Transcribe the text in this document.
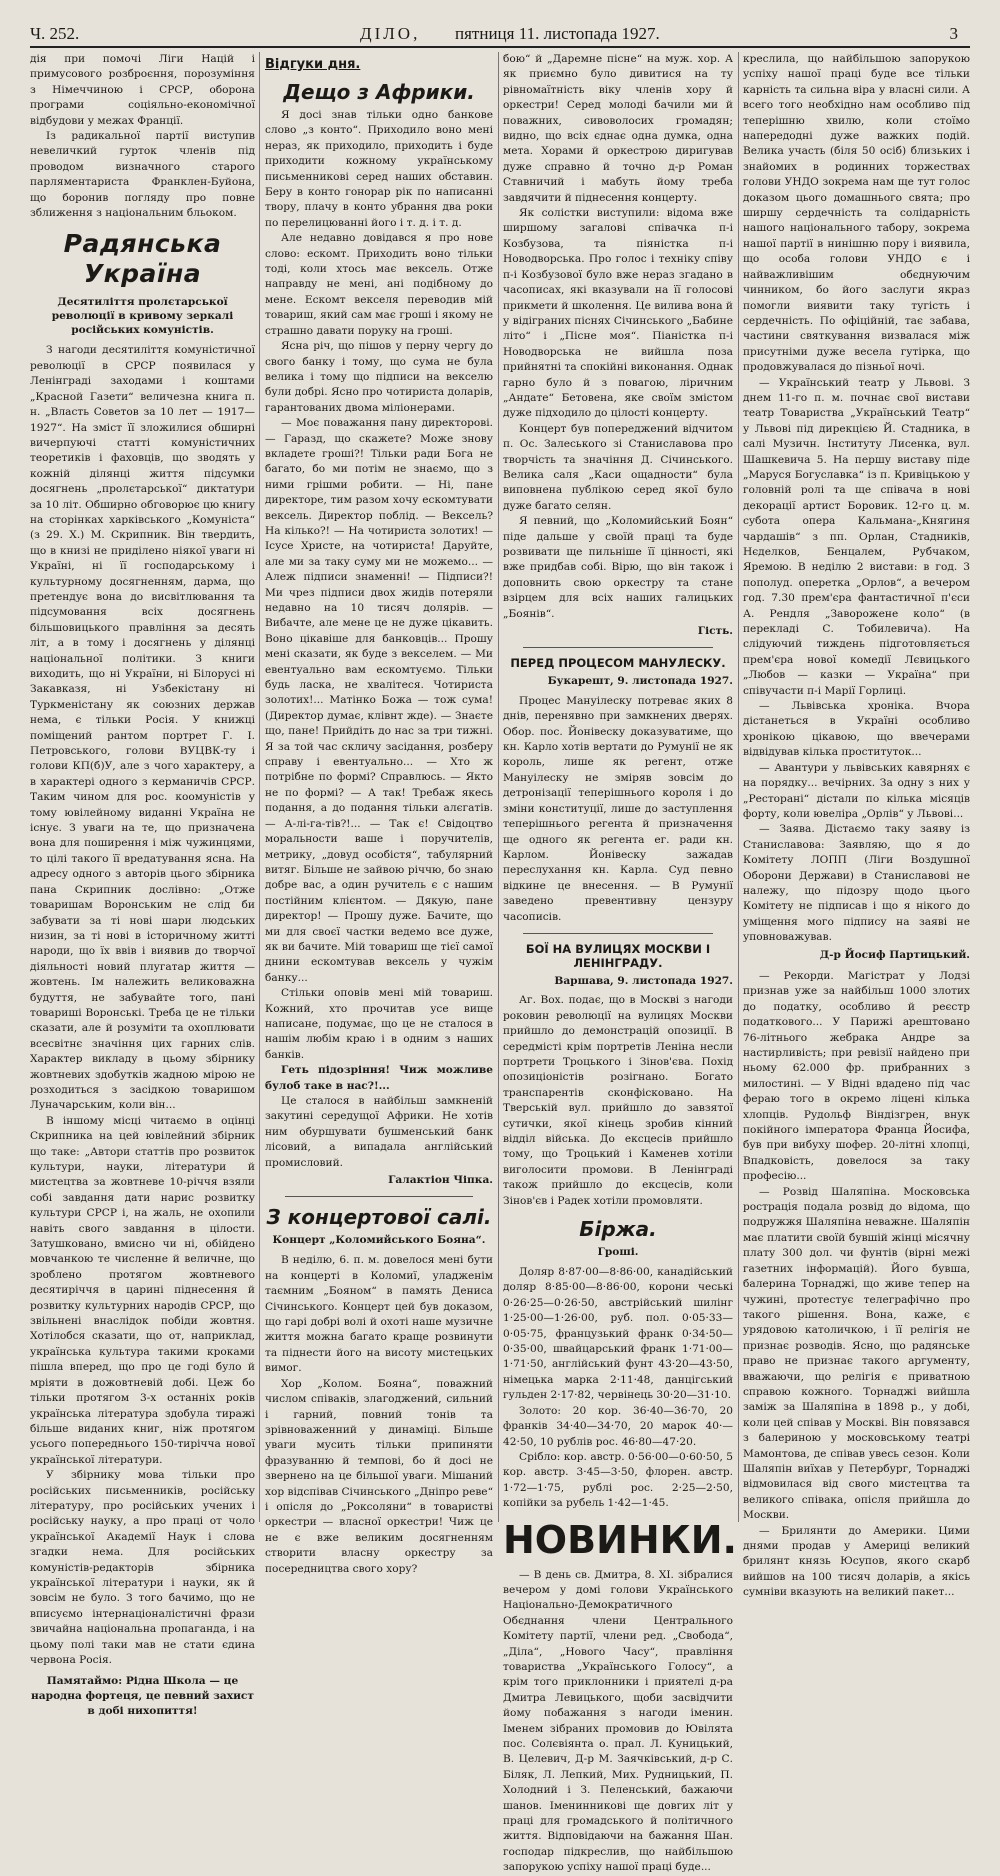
Ч. 252.	ДІЛО, пятниця 11. листопада 1927.	3

дія при помочі Ліги Націй і примусового розброєння, порозуміння з Німеччиною і СРСР, оборона програми соціяльно-економічної відбудови у межах Франції.

Із радикальної партії виступив невеличкий гурток членів під проводом визначного старого парляментариста Франклен-Буйона, що боронив погляду про повне зближення з національним бльоком.

Радянська Україна
Десятиліття пролєтарської революції в кривому зеркалі російських комуністів.

З нагоди десятиліття комуністичної революції в СРСР появилася у Ленінграді заходами і коштами „Красной Газети“ величезна книга п. н. „Власть Советов за 10 лет — 1917—1927“. На зміст її зложилися обширні вичерпуючі статті комуністичних теоретиків і фаховців, що зводять у кожній ділянці життя підсумки досягнень „пролєтарської“ диктатури за 10 літ. Обширно обговорює цю книгу на сторінках харківського „Комуніста“ (з 29. Х.) М. Скрипник. Він твердить, що в книзі не приділено ніякої уваги ні Україні, ні її господарському і культурному досягненням, дарма, що претендує вона до висвітлювання та підсумовання всіх досягнень більшовицького правління за десять літ, а в тому і досягнень у ділянці національної політики. З книги виходить, що ні України, ні Білорусі ні Закавказя, ні Узбекістану ні Туркменістану як союзних держав нема, є тільки Росія. У книжці поміщений рантом портрет Г. І. Петровського, голови ВУЦВК-ту і голови КП(б)У, але з чого характеру, а в характері одного з керманичів СРСР. Таким чином для рос. коомуністів у тому ювілейному виданні Україна не існує. З уваги на те, що призначена вона для поширення і між чужинцями, то цілі такого її вредатування ясна. На адресу одного з авторів цього збірника пана Скрипник дослівно: „Отже товаришам Воронським не слід би забувати за ті нові шари людських низин, за ті нові в історичному житті народи, що їх ввів і виявив до творчої діяльності новий плугатар життя — жовтень. Ім належить великоважна будуття, не забувайте того, пані товариші Воронські. Треба це не тільки сказати, але й розуміти та охоплювати всесвітнє значіння цих гарних слів. Характер викладу в цьому збірнику жовтневих здобутків жадною мірою не розходиться з засідкою товаришом Луначарським, коли він...

В іншому місці читаємо в оцінці Скрипника на цей ювілейний збірник що таке: „Автори статтів про розвиток культури, науки, літератури й мистецтва за жовтневе 10-річчя взяли собі завдання дати нарис розвитку культури СРСР і, на жаль, не охопили навіть свого завдання в цілости. Затушковано, вмисно чи ні, обійдено мовчанкою те численне й величне, що зроблено протягом жовтневого десятиріччя в царині піднесення й розвитку культурних народів СРСР, що звільнені внаслідок побіди жовтня. Хотілобся сказати, що от, наприклад, українська культура такими кроками пішла вперед, що про це годі було й мріяти в дожовтневій добі. Цеж бо тільки протягом 3-х останніх років українська література здобула тиражі більше виданих книг, ніж протягом усього попереднього 150-тирічча нової української літератури.

У збірнику мова тільки про російських письменників, російську літературу, про російських учених і російську науку, а про праці от чоло української Академії Наук і слова згадки нема. Для російських комуністів-редакторів збірника української літератури і науки, як й зовсім не було. З того бачимо, що не вписуємо інтернаціоналістичні фрази звичайна національна пропаганда, і на цьому полі таки мав не стати єдина червона Росія.

Памятаймо: Рідна Школа — це народна фортеця, це певний захист в добі нихопиття!
Відгуки дня.
Дещо з Африки.

Я досі знав тільки одно банкове слово „з конто“. Приходило воно мені нераз, як приходило, приходить і буде приходити кожному українському письменникові серед наших обставин. Беру в конто гонорар рік по написанні твору, плачу в конто убрання два роки по перелицюванні його і т. д. і т. д.

Але недавно довідався я про нове слово: ескомт. Приходить воно тільки тоді, коли хтось має вексель. Отже направду не мені, ані подібному до мене. Ескомт векселя переводив мій товариш, який сам має гроші і якому не страшно давати поруку на гроші.

Ясна річ, що пішов у перну чергу до свого банку і тому, що сума не була велика і тому що підписи на векселю були добрі. Ясно про чотириста доларів, гарантованих двома міліонерами.

— Моє поважання пану директорові. — Гаразд, що скажете? Може знову вкладете гроші?! Тільки ради Бога не багато, бо ми потім не знаємо, що з ними грішми робити. — Ні, пане директоре, тим разом хочу ескомтувати вексель. Директор поблід. — Вексель? На кілько?! — На чотириста золотих! — Ісусе Христе, на чотириста! Даруйте, але ми за таку суму ми не можемо... — Алеж підписи знаменні! — Підписи?! Ми чрез підписи двох жидів потеряли недавно на 10 тисяч долярів. — Вибачте, але мене це не дуже цікавить. Воно цікавіше для банковців... Прошу мені сказати, як буде з векселем. — Ми евентуально вам ескомтуємо. Тільки будь ласка, не хвалітеся. Чотириста золотих!... Матінко Божа — тож сума! (Директор думає, клівнт жде). — Знаєте що, пане! Прийдіть до нас за три тижні. Я за той час скличу засідання, розберу справу і евентуально... — Хто ж потрібне по формі? Справлюсь. — Якто не по формі? — А так! Требаж якесь подання, а до подання тільки алєгатів. — А-лі-га-тів?!... — Так є! Свідоцтво моральности ваше і поручителів, метрику, „довуд особістя“, табулярний витяг. Більше не зайвою річчю, бо знаю добре вас, а один ручитель є с нашим постійним клієнтом. — Дякую, пане директор! — Прошу дуже. Бачите, що ми для своєї частки ведемо все дуже, як ви бачите. Мій товариш ще тієї самої днини ескомтував вексель у чужім банку...

Стільки оповів мені мій товариш. Кожний, хто прочитав усе вище написане, подумає, що це не сталося в нашім любім краю і в одним з наших банків.

Геть підозріння! Чиж можливе булоб таке в нас?!...

Це сталося в найбільш замкненій закутині середущої Африки. Не хотів ним обуршувати бушменський банк лісовий, а випадала англійський промисловий.

Галактіон Чіпка.
З концертової салі.
Концерт „Коломийського Бояна“.

В неділю, 6. п. м. довелося мені бути на концерті в Коломиї, уладженім таємним „Бояном“ в память Дениса Січинського. Концерт цей був доказом, що гарі добрі волі й охоті наше музичне життя можна багато краще розвинути та піднести його на висоту мистецьких вимог.

Хор „Колом. Бояна“, поважний числом співаків, злагоджений, сильний і гарний, повний тонів та зрівноваженний у динаміці. Більше уваги мусить тільки припиняти фразуванню й темпові, бо й досі не звернено на це більшої уваги. Мішаний хор відспівав Січинського „Дніпро реве“ і опісля до „Роксоляни“ в товаристві оркестри — власної оркестри! Чиж це не є вже великим досягненням створити власну оркестру за посередництва свого хору?

бою“ й „Даремне пісне“ на муж. хор. А як приємно було дивитися на ту рівномаїтність віку членів хору й оркестри! Серед молоді бачили ми й поважних, сивоволосих громадян; видно, що всіх єднає одна думка, одна мета. Хорами й оркестрою диригував дуже справно й точно д-р Роман Ставничий і мабуть йому треба завдячити й піднесення концерту.

Як солістки виступили: відома вже ширшому загалові співачка п-і Козбузова, та піяністка п-і Новодворська. Про голос і техніку співу п-і Козбузової було вже нераз згадано в часописах, які вказували на її голосові прикмети й школення. Це вилива вона й у відіграних піснях Січинського „Бабине літо“ і „Пісне моя“. Піаністка п-і Новодворська не вийшла поза прийнятні та спокійні виконання. Однак гарно було й з повагою, ліричним „Андате“ Бетовена, яке своїм змістом дуже підходило до цілості концерту.

Концерт був попереджений відчитом п. Ос. Залеського зі Станиславова про творчість та значіння Д. Січинського. Велика саля „Каси ощадности“ була виповнена публікою серед якої було дуже багато селян.

Я певний, що „Коломийський Боян“ піде дальше у своїй праці та буде розвивати ще пильніше її цінності, які вже придбав собі. Вірю, що він також і доповнить свою оркестру та стане взірцем для всіх наших галицьких „Боянів“.

Гість.
ПЕРЕД ПРОЦЕСОМ МАНУЛЕСКУ.
Букарешт, 9. листопада 1927.

Процес Мануілеску потреває яких 8 днів, перенявно при замкнених дверях. Обор. пос. Йонівеску доказуватиме, що кн. Карло хотів вертати до Румунії не як король, лише як регент, отже Мануілеску не зміряв зовсім до детронізації теперішнього короля і до зміни конституції, лише до заступлення теперішнього регента й призначення ще одного як регента ег. ради кн. Карлом. Йонівеску зажадав переслухання кн. Карла. Суд певно відкине це внесення. — В Румунії заведено превентивну цензуру часописів.

БОЇ НА ВУЛИЦЯХ МОСКВИ І ЛЕНІНГРАДУ.
Варшава, 9. листопада 1927.

Аг. Вох. подає, що в Москві з нагоди роковин революції на вулицях Москви прийшло до демонстрацій опозиції. В середмісті крім портретів Леніна несли портрети Троцького і Зінов'єва. Похід опозиціоністів розігнано. Богато транспарентів сконфісковано. На Тверській вул. прийшло до завзятої сутички, якої кінець зробив кінний відділ війська. До ексцесів прийшло тому, що Троцький і Каменев хотіли виголосити промови. В Ленінграді також прийшло до ексцесів, коли Зінов'єв і Радек хотіли промовляти.

Біржа.
Гроші.

Доляр 8·87·00—8·86·00, канадійський доляр 8·85·00—8·86·00, корони чеські 0·26·25—0·26·50, австрійський шилінг 1·25·00—1·26·00, руб. пол. 0·05·33—0·05·75, французький франк 0·34·50—0·35·00, швайцарський франк 1·71·00—1·71·50, англійський фунт 43·20—43·50, німецька марка 2·11·48, данцігський гульден 2·17·82, червінець 30·20—31·10.

Золото: 20 кор. 36·40—36·70, 20 франків 34·40—34·70, 20 марок 40·—42·50, 10 рублів рос. 46·80—47·20.

Срібло: кор. австр. 0·56·00—0·60·50, 5 кор. австр. 3·45—3·50, флорен. австр. 1·72—1·75, рублі рос. 2·25—2·50, копійки за рубель 1·42—1·45.

НОВИНКИ.

— В день св. Дмитра, 8. XI. зібралися вечером у домі голови Українського Національно-Демократичного Обєднання члени Центрального Комітету партії, члени ред. „Свобода“, „Діла“, „Нового Часу“, правління товариства „Українського Голосу“, а крім того приклонники і приятелі д-ра Дмитра Левицького, щоби засвідчити йому побажання з нагоди іменин. Іменем зібраних промовив до Ювілята пос. Солєвіянта о. прал. Л. Куницький, В. Целевич, Д-р М. Заячківський, д-р С. Біляк, Л. Лепкий, Мих. Рудницький, П. Холодний і З. Пеленський, бажаючи шанов. Іменинникові ще довгих літ у праці для громадського й політичного життя. Відповідаючи на бажання Шан. господар підкреслив, що найбільшою запорукою успіху нашої праці буде...

креслила, що найбільшою запорукою успіху нашої праці буде все тільки карність та сильна віра у власні сили. А всего того необхідно нам особливо під теперішню хвилю, коли стоїмо напередодні дуже важких подій. Велика участь (біля 50 осіб) близьких і знайомих в родинних торжествах голови УНДО зокрема нам ще тут голос доказом цього домашнього свята; про ширшу сердечність та солідарність нашого національного табору, зокрема нашої партії в нинішню пору і виявила, що особа голови УНДО є і найважливішим обєднуючим чинником, бо його заслуги якраз помогли виявити таку тугість і сердечність. По офіційній, тає забава, частини святкування визвалася між присутніми дуже весела гутірка, що продовжувалася до пізньої ночі.

— Український театр у Львові. З днем 11-го п. м. почнає свої вистави театр Товариства „Український Театр“ у Львові під дирекцією Й. Стадника, в салі Музичн. Інституту Лисенка, вул. Шашкевича 5. На першу виставу піде „Маруся Богуславка“ із п. Кривіцькою у головній ролі та ще співача в нові декорації артист Боровик. 12-го ц. м. субота опера Кальмана-„Княгиня чардашів“ з пп. Орлан, Стадників, Нєделков, Бенцалем, Рубчаком, Яремою. В неділю 2 вистави: в год. 3 пополуд. оперетка „Орлов“, а вечером год. 7.30 прем'єра фантастичної п'єси А. Рендля „Заворожене коло“ (в перекладі С. Тобилевича). На слідуючий тиждень підготовляється прем'єра нової комедії Лєвицького „Любов — казки — Україна“ при співучасти п-і Марії Горлиці.

— Львівська хроніка. Вчора дістанеться в Україні особливо хронікою цікавою, що ввечерами відвідував кілька проституток...

— Авантури у львівських кавярнях є на порядку... вечірних. За одну з них у „Ресторані“ дістали по кілька місяців форту, коли ювеліра „Орлів“ у Львові...

— Заява. Дістаємо таку заяву із Станиславова: Заявляю, що я до Комітету ЛОПП (Ліги Воздушної Оборони Держави) в Станиславові не належу, що підозру щодо цього Комітету не підписав і що я нікого до уміщення мого підпису на заяві не уповноважував.

Д-р Йосиф Партицький.

— Рекорди. Магістрат у Лодзі признав уже за найбільш 1000 злотих до податку, особливо й реєстр податкового... У Парижі арештовано 76-літнього жебрака Андре за настирливість; при ревізії найдено при ньому 62.000 фр. прибранних з милостині. — У Відні вдадено під час фераю того в окремо ліцені кілька хлопців. Рудольф Віндізгрен, внук покійного імператора Франца Йосифа, був при вибуху шофер. 20-літні хлопці, Впадковість, довелося за таку професію...

— Розвід Шаляпіна. Московська рострація подала розвід до відома, що подружжя Шаляпіна неважне. Шаляпін має платити своїй бувшій жінці місячну плату 300 дол. чи фунтів (вірні межі газетних інформацій). Його бувша, балерина Торнаджі, що живе тепер на чужині, протестує телеграфічно про такого рішення. Вона, каже, є урядовою католичкою, і її релігія не признає розводів. Ясно, що радянське право не признає такого аргументу, вважаючи, що релігія є приватною справою кожного. Торнаджі вийшла заміж за Шаляпіна в 1898 р., у добі, коли цей співав у Москві. Він повязався з балериною у московському театрі Мамонтова, де співав увесь сезон. Коли Шаляпін виїхав у Петербург, Торнаджі відмовилася від свого мистецтва та великого співака, опісля прийшла до Москви.

— Брилянти до Америки. Цими днями продав у Америці великий брилянт князь Юсупов, якого скарб вийшов на 100 тисяч доларів, а якісь сумніви вказують на великий пакет...
